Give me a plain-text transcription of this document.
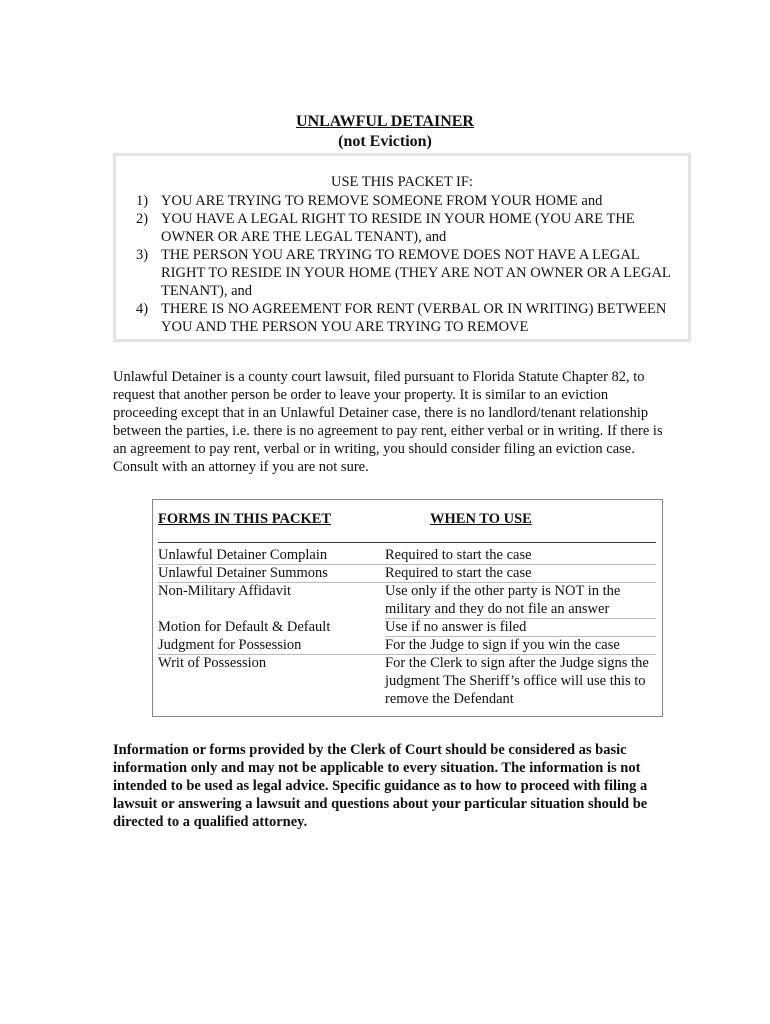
UNLAWFUL DETAINER
(not Eviction)
USE THIS PACKET IF:
1) YOU ARE TRYING TO REMOVE SOMEONE FROM YOUR HOME and
2) YOU HAVE A LEGAL RIGHT TO RESIDE IN YOUR HOME (YOU ARE THE OWNER OR ARE THE LEGAL TENANT), and
3) THE PERSON YOU ARE TRYING TO REMOVE DOES NOT HAVE A LEGAL RIGHT TO RESIDE IN YOUR HOME (THEY ARE NOT AN OWNER OR A LEGAL TENANT), and
4) THERE IS NO AGREEMENT FOR RENT (VERBAL OR IN WRITING) BETWEEN YOU AND THE PERSON YOU ARE TRYING TO REMOVE
Unlawful Detainer is a county court lawsuit, filed pursuant to Florida Statute Chapter 82, to request that another person be order to leave your property. It is similar to an eviction proceeding except that in an Unlawful Detainer case, there is no landlord/tenant relationship between the parties, i.e. there is no agreement to pay rent, either verbal or in writing. If there is an agreement to pay rent, verbal or in writing, you should consider filing an eviction case. Consult with an attorney if you are not sure.
FORMS IN THIS PACKET	WHEN TO USE
Unlawful Detainer Complain	Required to start the case
Unlawful Detainer Summons	Required to start the case
Non-Military Affidavit	Use only if the other party is NOT in the military and they do not file an answer
Motion for Default & Default	Use if no answer is filed
Judgment for Possession	For the Judge to sign if you win the case
Writ of Possession	For the Clerk to sign after the Judge signs the judgment The Sheriff’s office will use this to remove the Defendant
Information or forms provided by the Clerk of Court should be considered as basic information only and may not be applicable to every situation. The information is not intended to be used as legal advice. Specific guidance as to how to proceed with filing a lawsuit or answering a lawsuit and questions about your particular situation should be directed to a qualified attorney.
